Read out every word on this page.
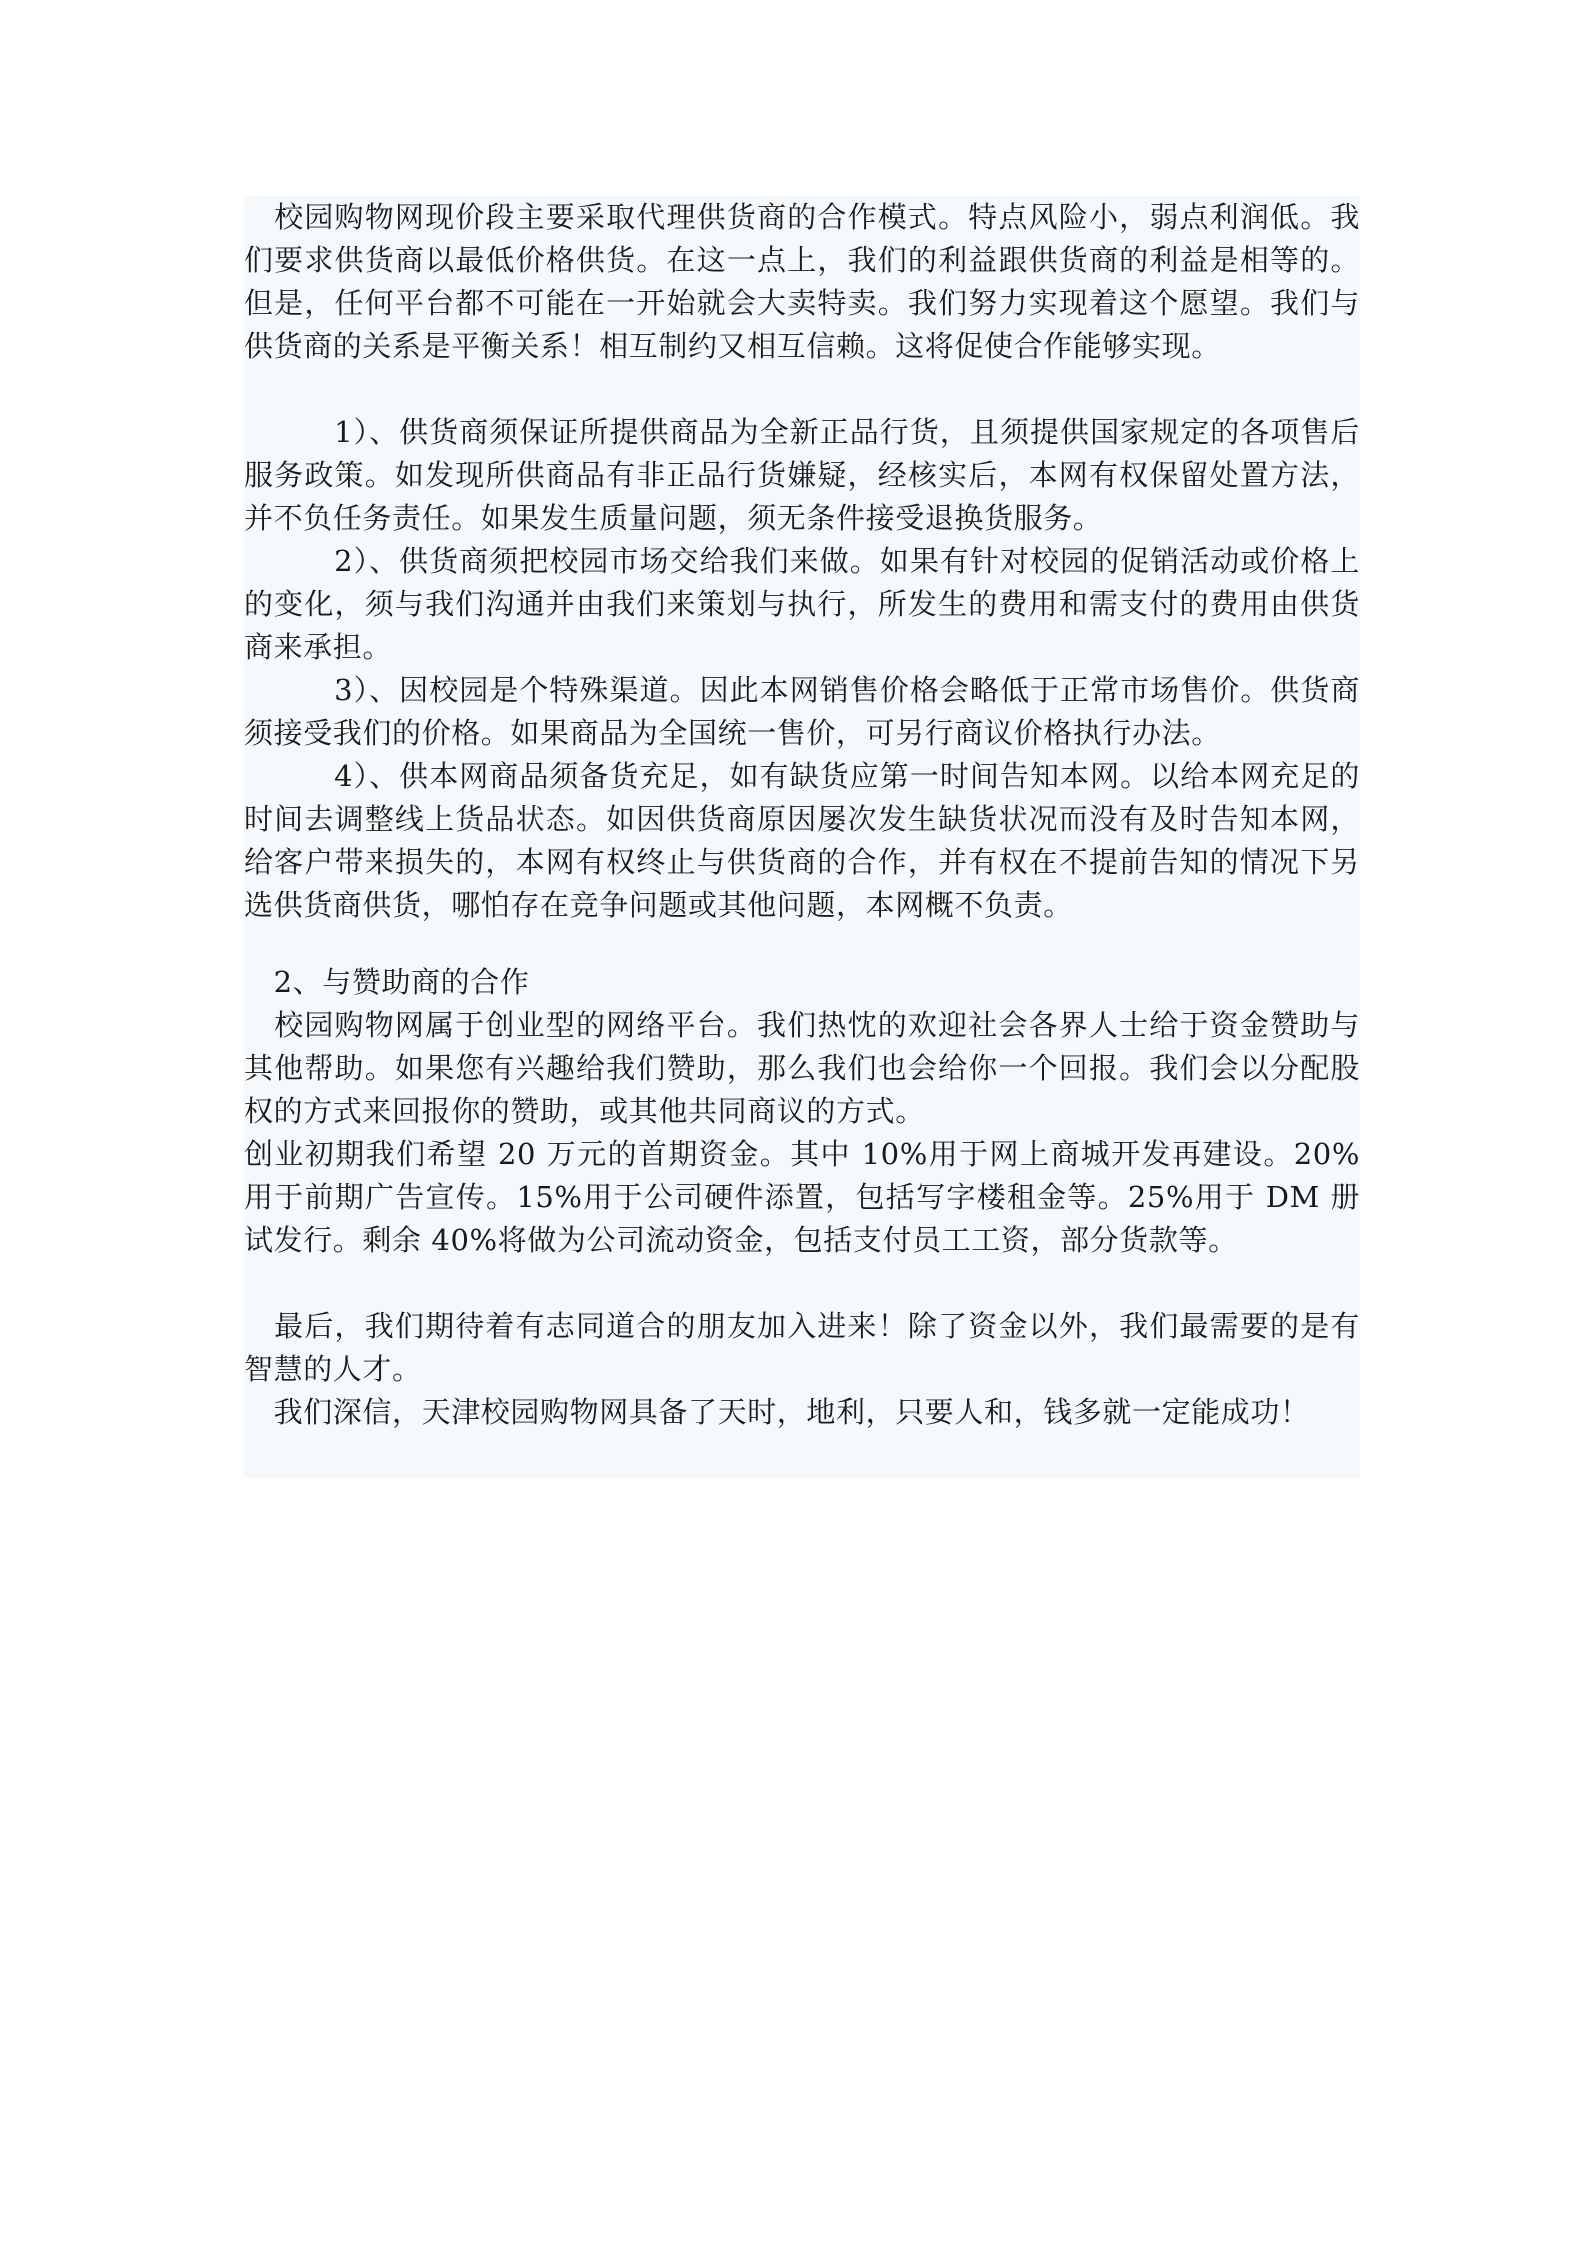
　校园购物网现价段主要采取代理供货商的合作模式。特点风险小，弱点利润低。我们要求供货商以最低价格供货。在这一点上，我们的利益跟供货商的利益是相等的。但是，任何平台都不可能在一开始就会大卖特卖。我们努力实现着这个愿望。我们与供货商的关系是平衡关系！相互制约又相互信赖。这将促使合作能够实现。

　　　1）、供货商须保证所提供商品为全新正品行货，且须提供国家规定的各项售后服务政策。如发现所供商品有非正品行货嫌疑，经核实后，本网有权保留处置方法，并不负任务责任。如果发生质量问题，须无条件接受退换货服务。

　　　2）、供货商须把校园市场交给我们来做。如果有针对校园的促销活动或价格上的变化，须与我们沟通并由我们来策划与执行，所发生的费用和需支付的费用由供货商来承担。

　　　3）、因校园是个特殊渠道。因此本网销售价格会略低于正常市场售价。供货商须接受我们的价格。如果商品为全国统一售价，可另行商议价格执行办法。

　　　4）、供本网商品须备货充足，如有缺货应第一时间告知本网。以给本网充足的时间去调整线上货品状态。如因供货商原因屡次发生缺货状况而没有及时告知本网，给客户带来损失的，本网有权终止与供货商的合作，并有权在不提前告知的情况下另选供货商供货，哪怕存在竞争问题或其他问题，本网概不负责。

　2、与赞助商的合作

　校园购物网属于创业型的网络平台。我们热忱的欢迎社会各界人士给于资金赞助与其他帮助。如果您有兴趣给我们赞助，那么我们也会给你一个回报。我们会以分配股权的方式来回报你的赞助，或其他共同商议的方式。

创业初期我们希望 20 万元的首期资金。其中 10%用于网上商城开发再建设。20%用于前期广告宣传。15%用于公司硬件添置，包括写字楼租金等。25%用于 DM 册试发行。剩余 40%将做为公司流动资金，包括支付员工工资，部分货款等。

　最后，我们期待着有志同道合的朋友加入进来！除了资金以外，我们最需要的是有智慧的人才。

　我们深信，天津校园购物网具备了天时，地利，只要人和，钱多就一定能成功！
